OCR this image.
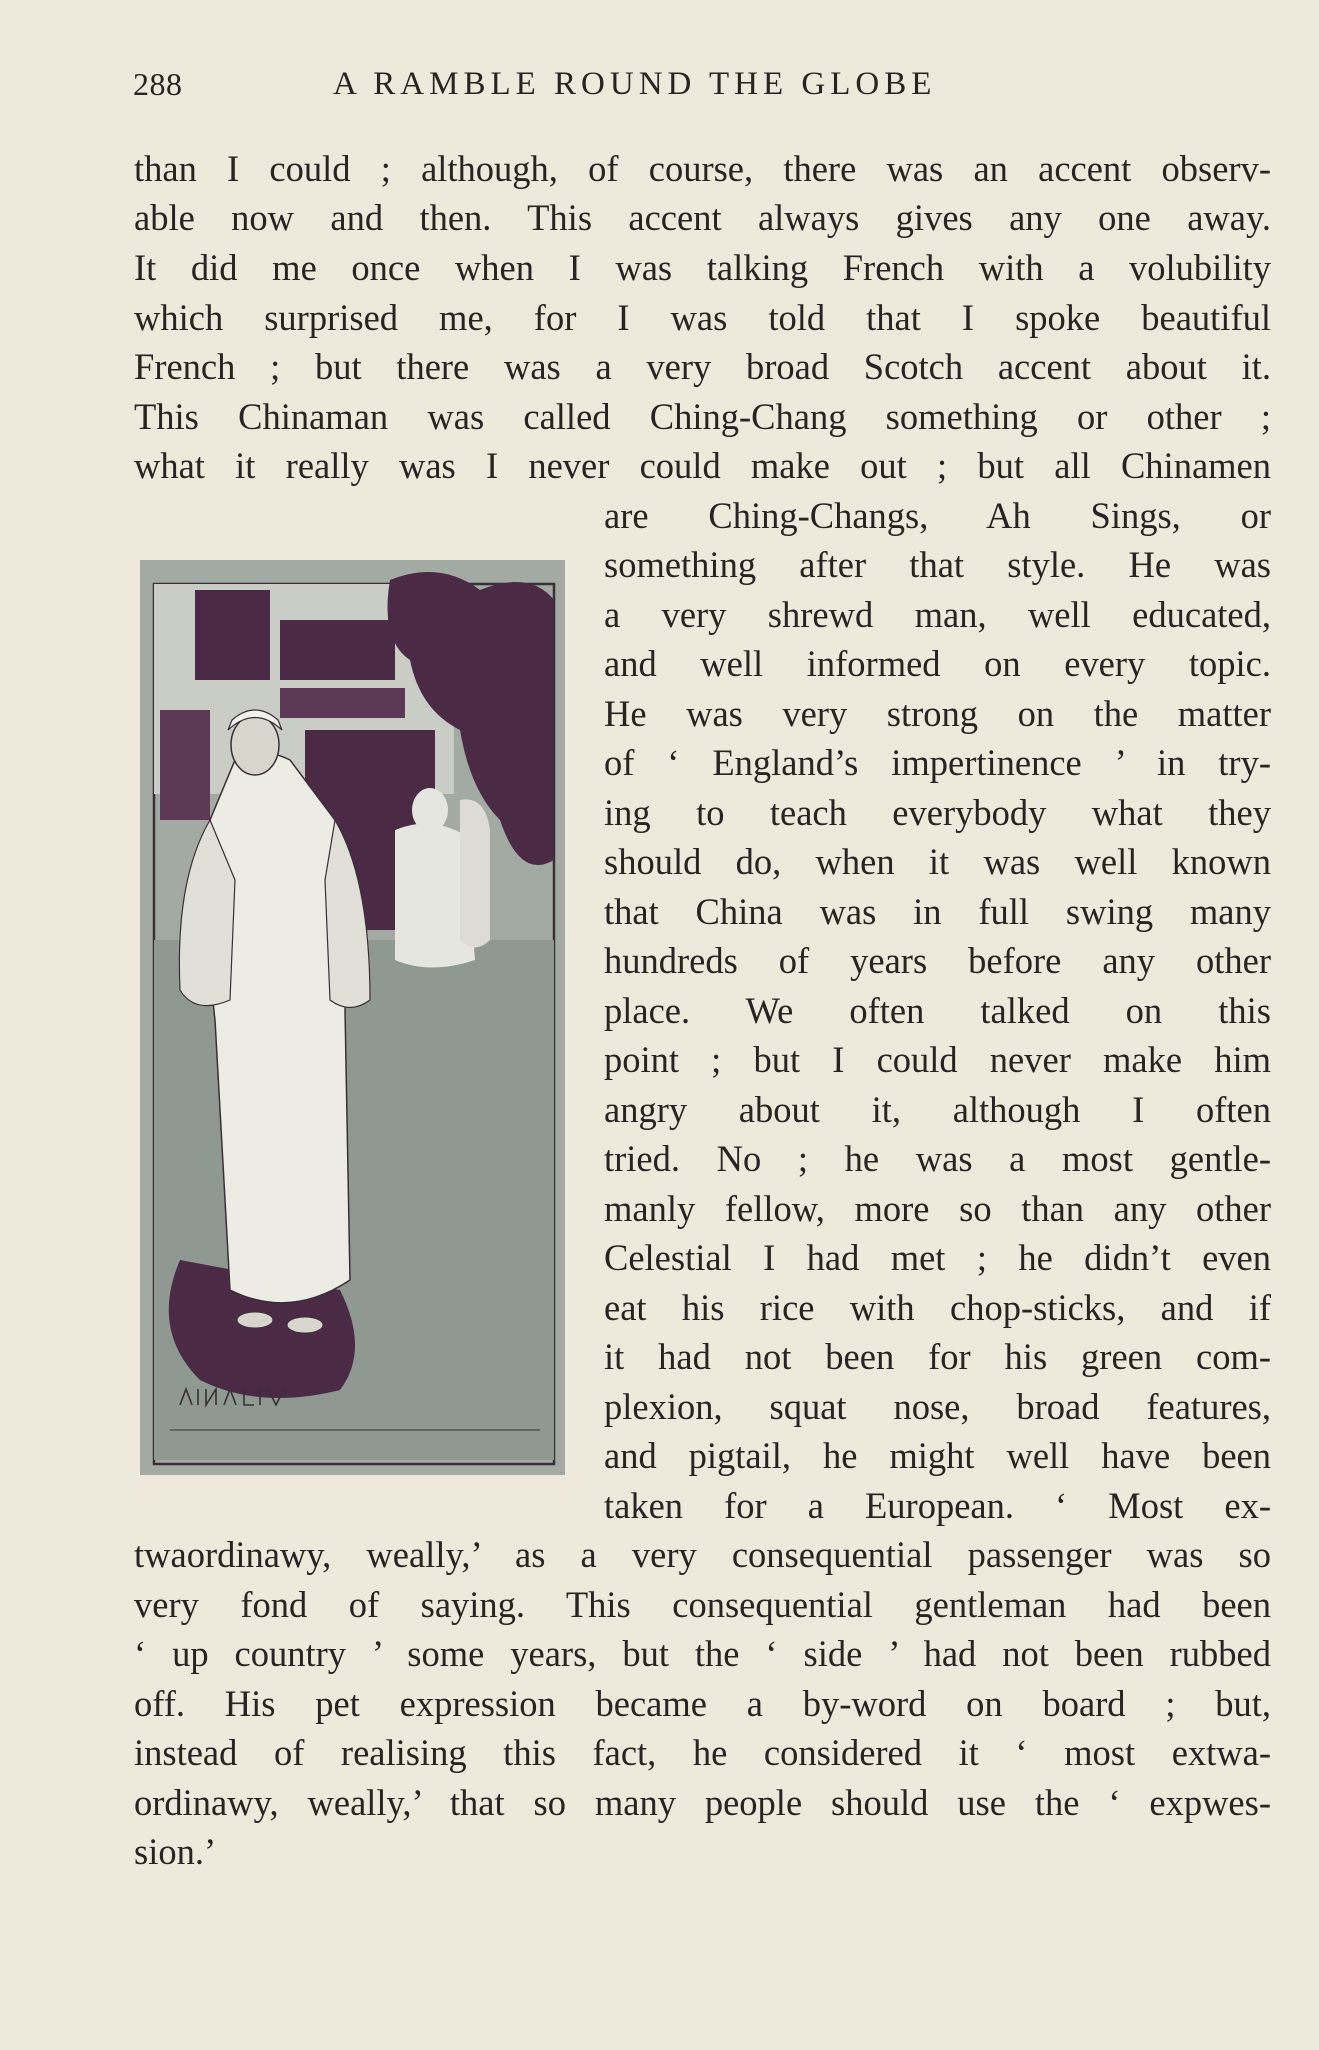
288	A RAMBLE ROUND THE GLOBE
than I could ; although, of course, there was an accent observ-
able now and then. This accent always gives any one away.
It did me once when I was talking French with a volubility
which surprised me, for I was told that I spoke beautiful
French ; but there was a very broad Scotch accent about it.
This Chinaman was called Ching-Chang something or other ;
what it really was I never could make out ; but all Chinamen
are Ching-Changs, Ah Sings, or
something after that style. He was
a very shrewd man, well educated,
and well informed on every topic.
He was very strong on the matter
of ‘ England’s impertinence ’ in try-
ing to teach everybody what they
should do, when it was well known
that China was in full swing many
hundreds of years before any other
place. We often talked on this
point ; but I could never make him
angry about it, although I often
tried. No ; he was a most gentle-
manly fellow, more so than any other
Celestial I had met ; he didn’t even
eat his rice with chop-sticks, and if
it had not been for his green com-
plexion, squat nose, broad features,
and pigtail, he might well have been
taken for a European. ‘ Most ex-
twaordinawy, weally,’ as a very consequential passenger was so
very fond of saying. This consequential gentleman had been
‘ up country ’ some years, but the ‘ side ’ had not been rubbed
off. His pet expression became a by-word on board ; but,
instead of realising this fact, he considered it ‘ most extwa-
ordinawy, weally,’ that so many people should use the ‘ expwes-
sion.’
